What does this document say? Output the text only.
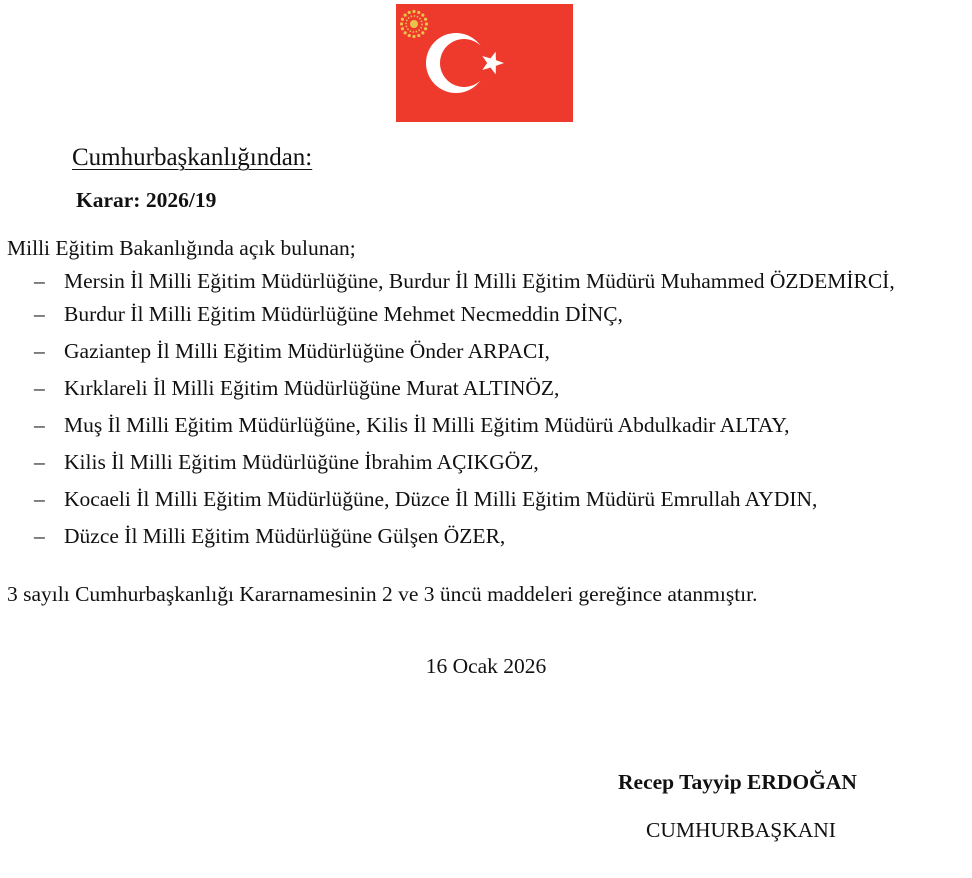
Cumhurbaşkanlığından:
Karar: 2026/19
Milli Eğitim Bakanlığında açık bulunan;
– Mersin İl Milli Eğitim Müdürlüğüne, Burdur İl Milli Eğitim Müdürü Muhammed ÖZDEMİRCİ,
– Burdur İl Milli Eğitim Müdürlüğüne Mehmet Necmeddin DİNÇ,
– Gaziantep İl Milli Eğitim Müdürlüğüne Önder ARPACI,
– Kırklareli İl Milli Eğitim Müdürlüğüne Murat ALTINÖZ,
– Muş İl Milli Eğitim Müdürlüğüne, Kilis İl Milli Eğitim Müdürü Abdulkadir ALTAY,
– Kilis İl Milli Eğitim Müdürlüğüne İbrahim AÇIKGÖZ,
– Kocaeli İl Milli Eğitim Müdürlüğüne, Düzce İl Milli Eğitim Müdürü Emrullah AYDIN,
– Düzce İl Milli Eğitim Müdürlüğüne Gülşen ÖZER,
3 sayılı Cumhurbaşkanlığı Kararnamesinin 2 ve 3 üncü maddeleri gereğince atanmıştır.
16 Ocak 2026
Recep Tayyip ERDOĞAN
CUMHURBAŞKANI
